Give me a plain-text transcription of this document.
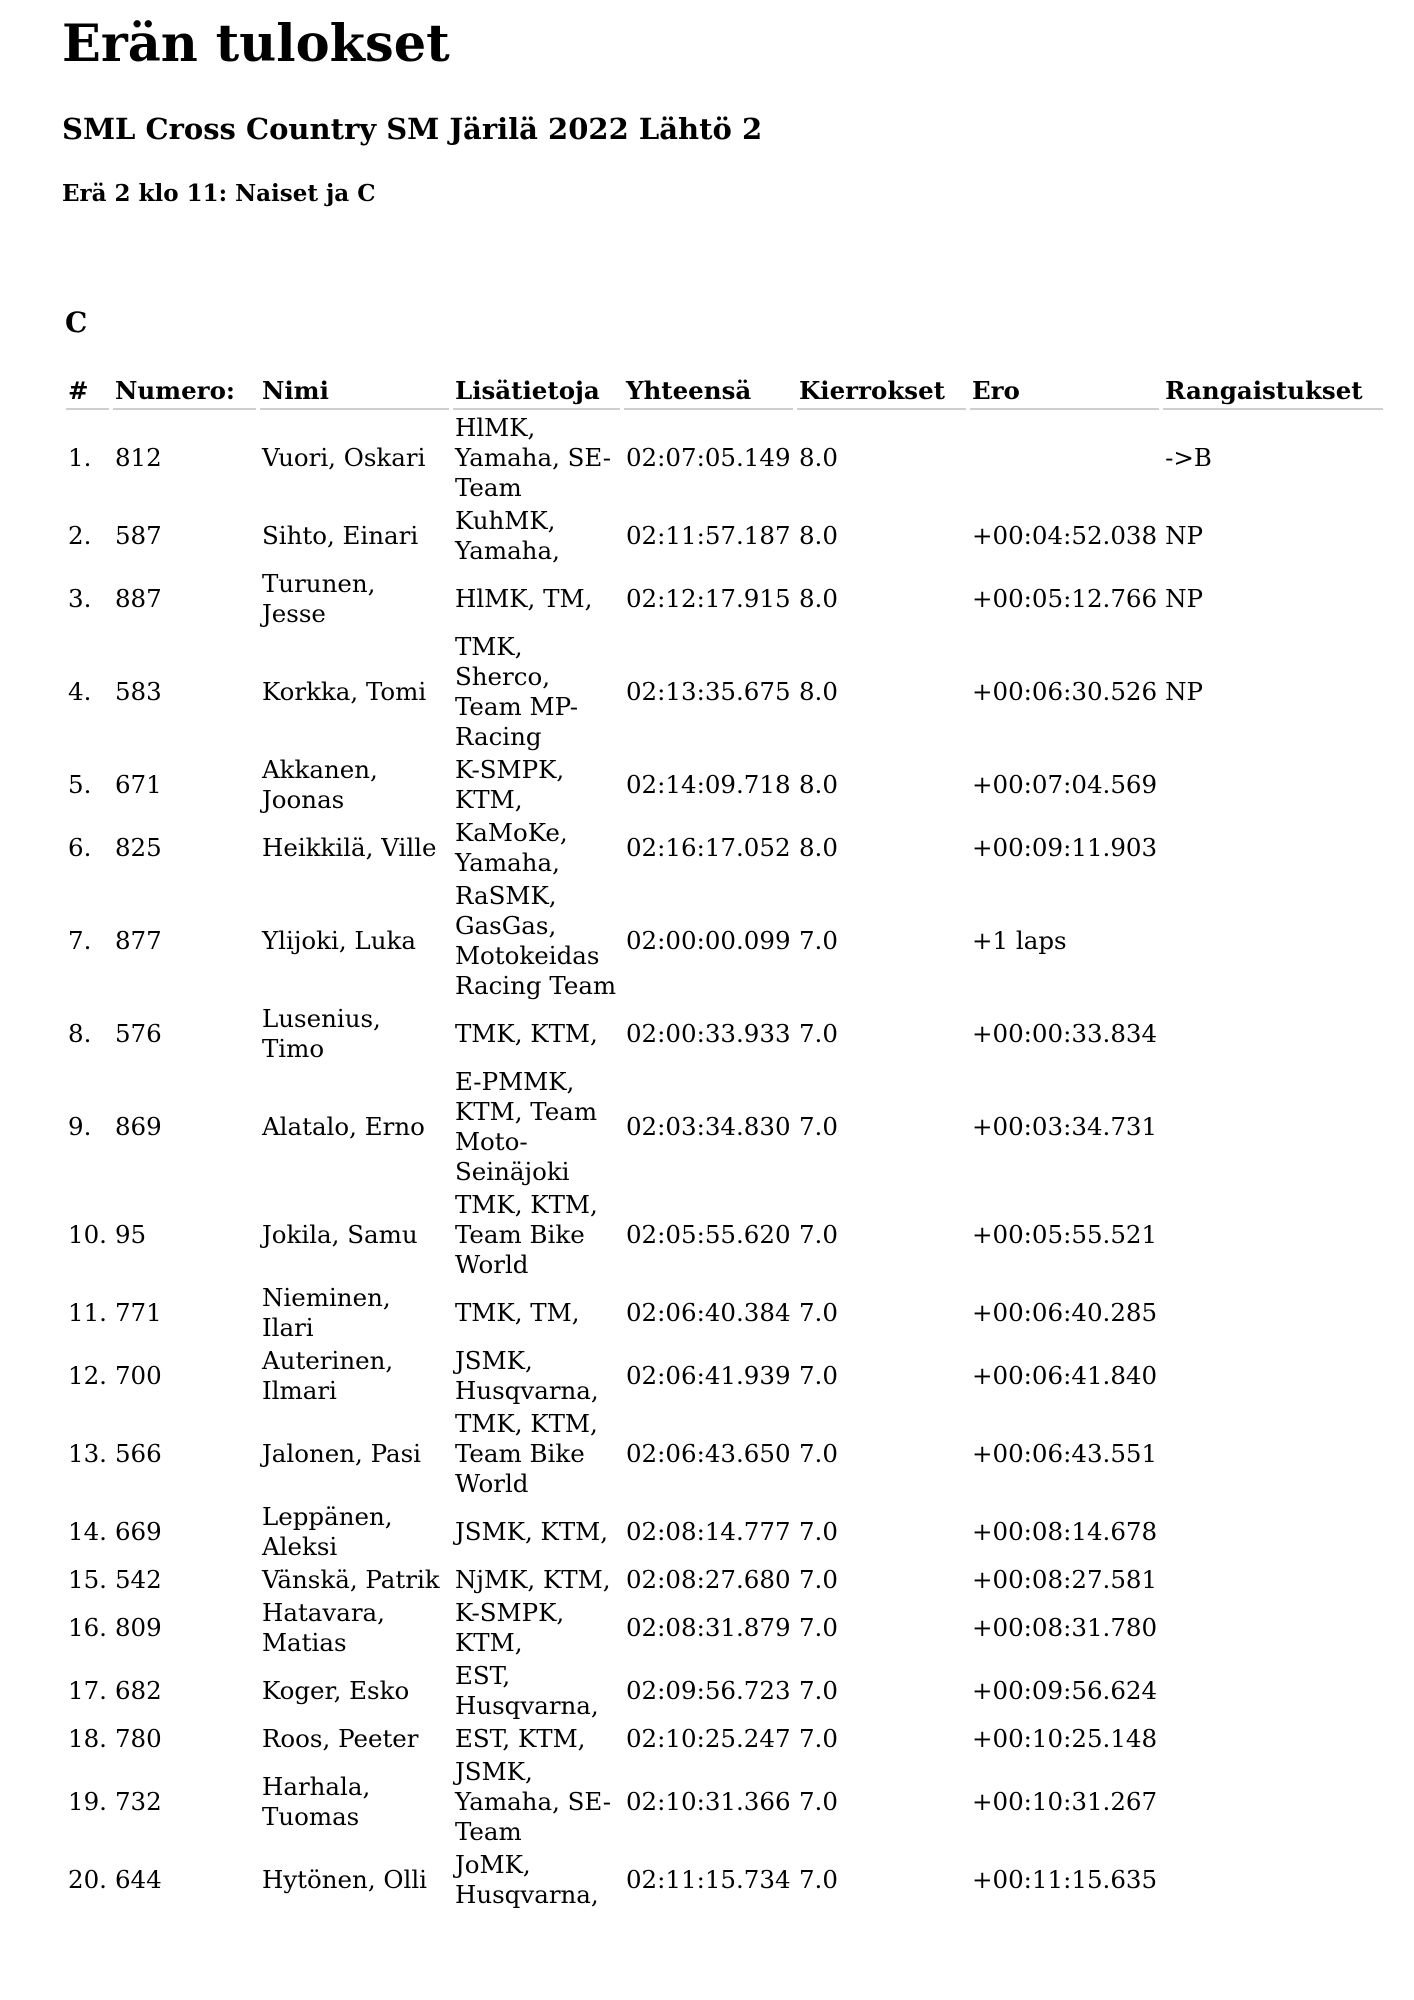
Erän tulokset
SML Cross Country SM Järilä 2022 Lähtö 2
Erä 2 klo 11: Naiset ja C
C
#	Numero:	Nimi	Lisätietoja	Yhteensä	Kierrokset	Ero	Rangaistukset
1.	812	Vuori, Oskari	HlMK, Yamaha, SE-Team	02:07:05.149	8.0		->B
2.	587	Sihto, Einari	KuhMK, Yamaha,	02:11:57.187	8.0	+00:04:52.038	NP
3.	887	Turunen, Jesse	HlMK, TM,	02:12:17.915	8.0	+00:05:12.766	NP
4.	583	Korkka, Tomi	TMK, Sherco, Team MP-Racing	02:13:35.675	8.0	+00:06:30.526	NP
5.	671	Akkanen, Joonas	K-SMPK, KTM,	02:14:09.718	8.0	+00:07:04.569	
6.	825	Heikkilä, Ville	KaMoKe, Yamaha,	02:16:17.052	8.0	+00:09:11.903	
7.	877	Ylijoki, Luka	RaSMK, GasGas, Motokeidas Racing Team	02:00:00.099	7.0	+1 laps	
8.	576	Lusenius, Timo	TMK, KTM,	02:00:33.933	7.0	+00:00:33.834	
9.	869	Alatalo, Erno	E-PMMK, KTM, Team Moto-Seinäjoki	02:03:34.830	7.0	+00:03:34.731	
10.	95	Jokila, Samu	TMK, KTM, Team Bike World	02:05:55.620	7.0	+00:05:55.521	
11.	771	Nieminen, Ilari	TMK, TM,	02:06:40.384	7.0	+00:06:40.285	
12.	700	Auterinen, Ilmari	JSMK, Husqvarna,	02:06:41.939	7.0	+00:06:41.840	
13.	566	Jalonen, Pasi	TMK, KTM, Team Bike World	02:06:43.650	7.0	+00:06:43.551	
14.	669	Leppänen, Aleksi	JSMK, KTM,	02:08:14.777	7.0	+00:08:14.678	
15.	542	Vänskä, Patrik	NjMK, KTM,	02:08:27.680	7.0	+00:08:27.581	
16.	809	Hatavara, Matias	K-SMPK, KTM,	02:08:31.879	7.0	+00:08:31.780	
17.	682	Koger, Esko	EST, Husqvarna,	02:09:56.723	7.0	+00:09:56.624	
18.	780	Roos, Peeter	EST, KTM,	02:10:25.247	7.0	+00:10:25.148	
19.	732	Harhala, Tuomas	JSMK, Yamaha, SE-Team	02:10:31.366	7.0	+00:10:31.267	
20.	644	Hytönen, Olli	JoMK, Husqvarna,	02:11:15.734	7.0	+00:11:15.635	
